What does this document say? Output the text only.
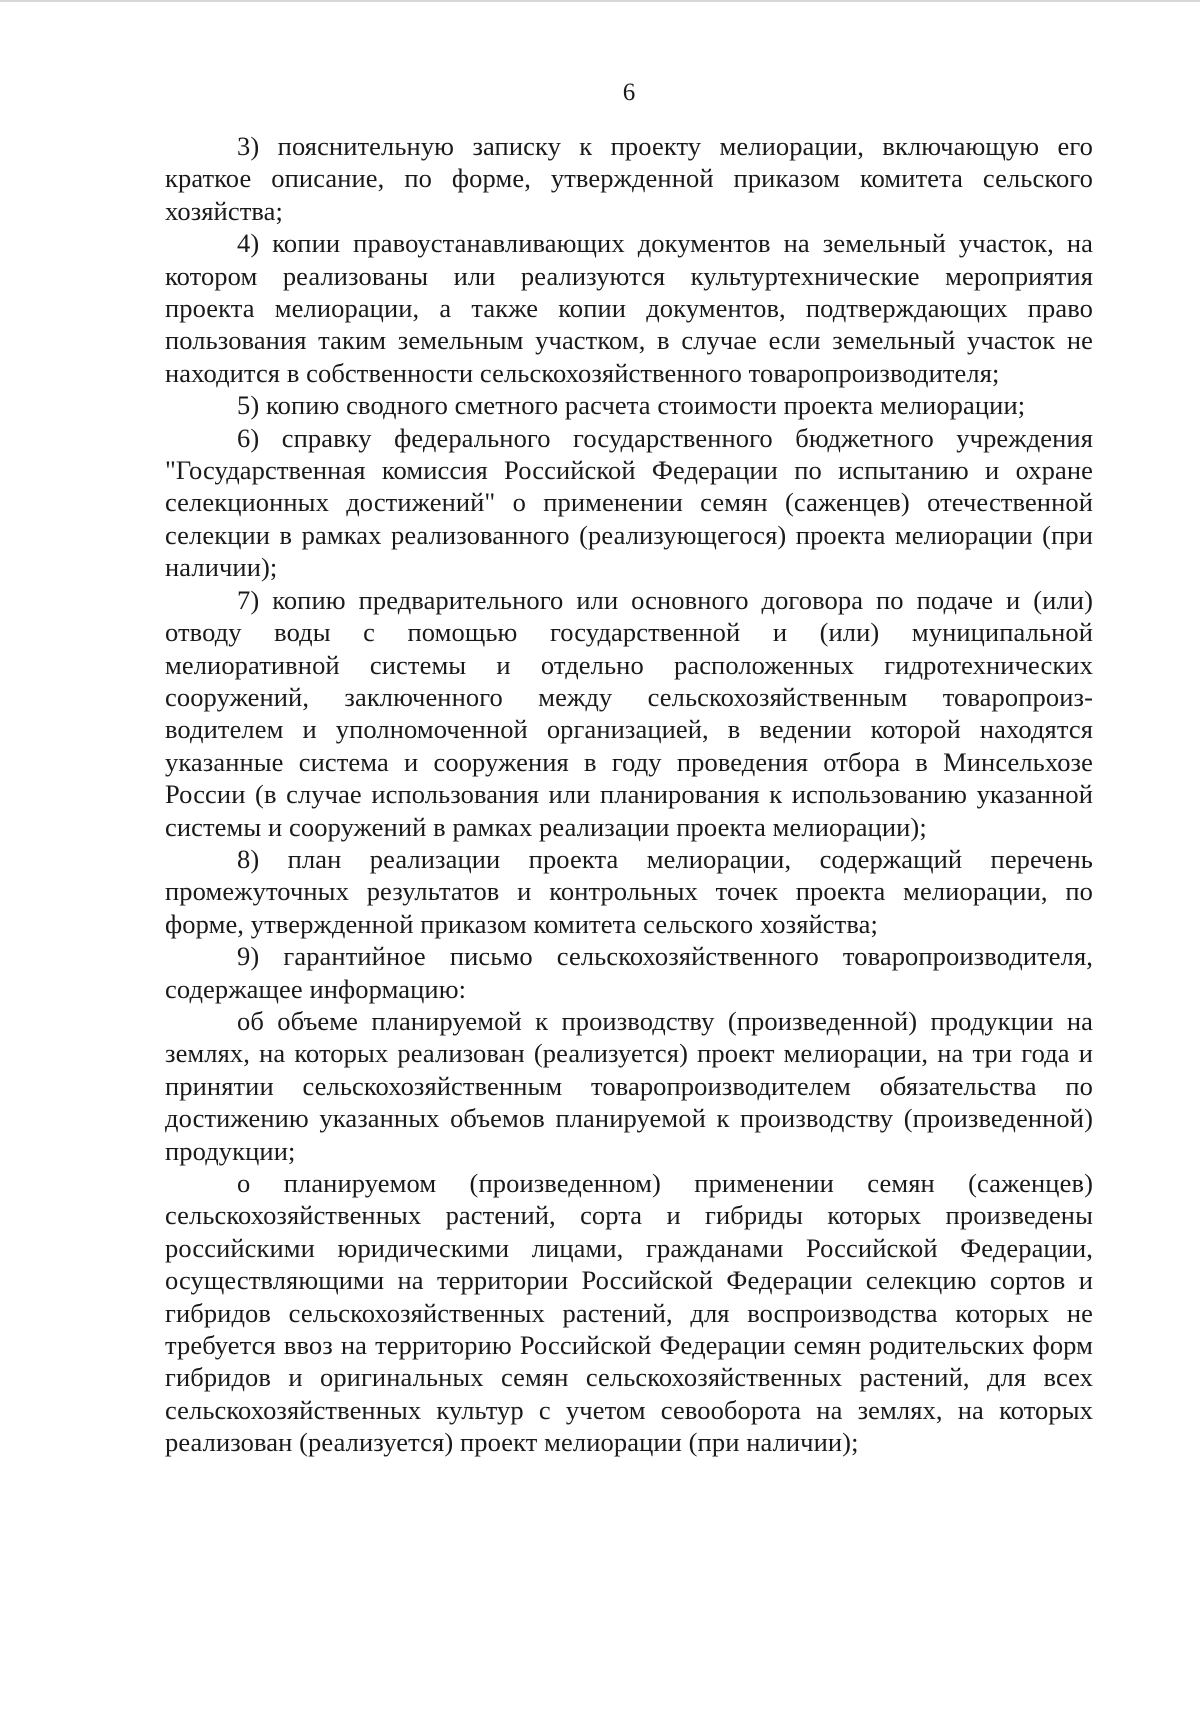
6

3) пояснительную записку к проекту мелиорации, включающую его краткое описание, по форме, утвержденной приказом комитета сельского хозяйства;

4) копии правоустанавливающих документов на земельный участок, на котором реализованы или реализуются культуртехнические мероприятия проекта мелиорации, а также копии документов, подтверждающих право пользования таким земельным участком, в случае если земельный участок не находится в собственности сельскохозяйственного товаропроизводителя;

5) копию сводного сметного расчета стоимости проекта мелиорации;

6) справку федерального государственного бюджетного учреждения "Государственная комиссия Российской Федерации по испытанию и охране селекционных достижений" о применении семян (саженцев) отечественной селекции в рамках реализованного (реализующегося) проекта мелиорации (при наличии);

7) копию предварительного или основного договора по подаче и (или) отводу воды с помощью государственной и (или) муниципальной мелиоративной системы и отдельно расположенных гидротехнических сооружений, заключенного между сельскохозяйственным товаропроиз-водителем и уполномоченной организацией, в ведении которой находятся указанные система и сооружения в году проведения отбора в Минсельхозе России (в случае использования или планирования к использованию указанной системы и сооружений в рамках реализации проекта мелиорации);

8) план реализации проекта мелиорации, содержащий перечень промежуточных результатов и контрольных точек проекта мелиорации, по форме, утвержденной приказом комитета сельского хозяйства;

9) гарантийное письмо сельскохозяйственного товаропроизводителя, содержащее информацию:

об объеме планируемой к производству (произведенной) продукции на землях, на которых реализован (реализуется) проект мелиорации, на три года и принятии сельскохозяйственным товаропроизводителем обязательства по достижению указанных объемов планируемой к производству (произведенной) продукции;

о планируемом (произведенном) применении семян (саженцев) сельскохозяйственных растений, сорта и гибриды которых произведены российскими юридическими лицами, гражданами Российской Федерации, осуществляющими на территории Российской Федерации селекцию сортов и гибридов сельскохозяйственных растений, для воспроизводства которых не требуется ввоз на территорию Российской Федерации семян родительских форм гибридов и оригинальных семян сельскохозяйственных растений, для всех сельскохозяйственных культур с учетом севооборота на землях, на которых реализован (реализуется) проект мелиорации (при наличии);
